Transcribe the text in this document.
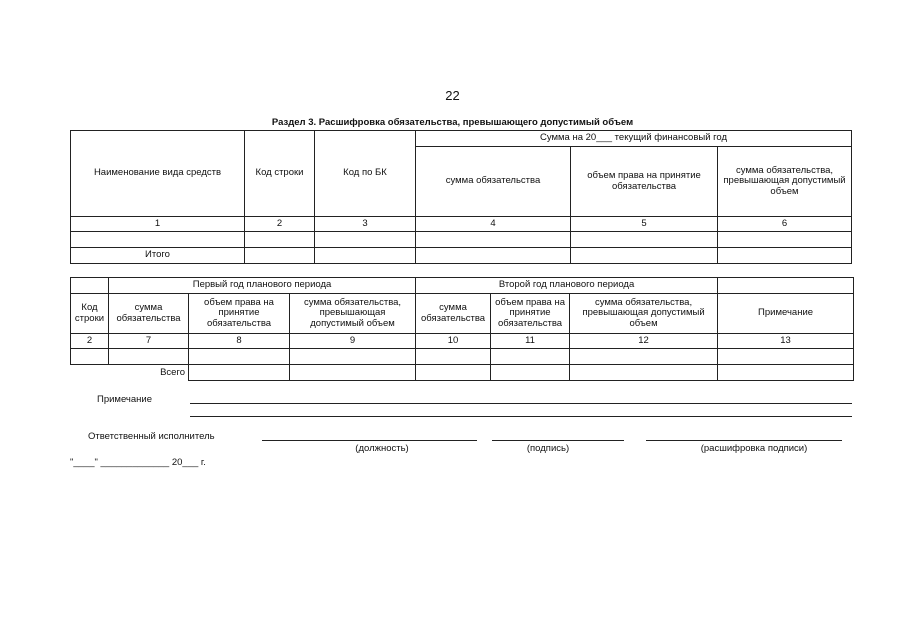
22
Раздел 3. Расшифровка обязательства, превышающего допустимый объем
Наименование вида средств	Код строки	Код по БК	Сумма на 20___ текущий финансовый год		
			сумма обязательства	объем права на принятие обязательства	сумма обязательства, превышающая допустимый объем
1	2	3	4	5	6

Итого					
	Первый год планового периода			Второй год планового периода			
Код строки	сумма обязательства	объем права на принятие обязательства	сумма обязательства, превышающая допустимый объем	сумма обязательства	объем права на принятие обязательства	сумма обязательства, превышающая допустимый объем	Примечание
2	7	8	9	10	11	12	13

	Всего						
Примечание
Ответственный исполнитель
(должность)	(подпись)	(расшифровка подписи)
"____" _____________ 20___ г.
